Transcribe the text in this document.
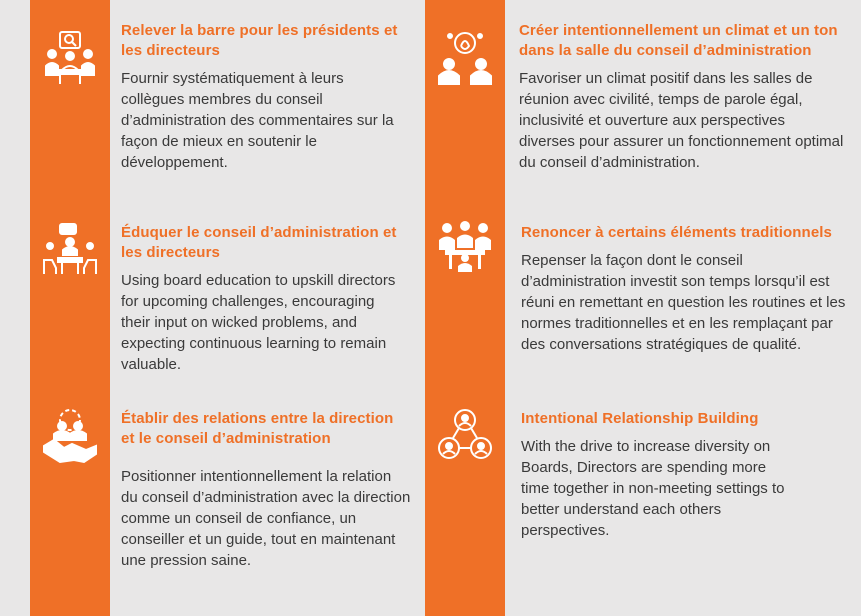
Relever la barre pour les présidents et les directeurs
Fournir systématiquement à leurs collègues membres du conseil d’administration des commentaires sur la façon de mieux en soutenir le développement.
Créer intentionnellement un climat et un ton dans la salle du conseil d’administration
Favoriser un climat positif dans les salles de réunion avec civilité, temps de parole égal, inclusivité et ouverture aux perspectives diverses pour assurer un fonctionnement optimal du conseil d’administration.
Éduquer le conseil d’administration et les directeurs
Using board education to upskill directors for upcoming challenges, encouraging their input on wicked problems, and expecting continuous learning to remain valuable.
Renoncer à certains éléments traditionnels
Repenser la façon dont le conseil d’administration investit son temps lorsqu’il est réuni en remettant en question les routines et les normes traditionnelles et en les remplaçant par des conversations stratégiques de qualité.
Établir des relations entre la direction et le conseil d’administration
Positionner intentionnellement la relation du conseil d’administration avec la direction comme un conseil de confiance, un conseiller et un guide, tout en maintenant une pression saine.
Intentional Relationship Building
With the drive to increase diversity on Boards, Directors are spending more time together in non-meeting settings to better understand each others perspectives.
